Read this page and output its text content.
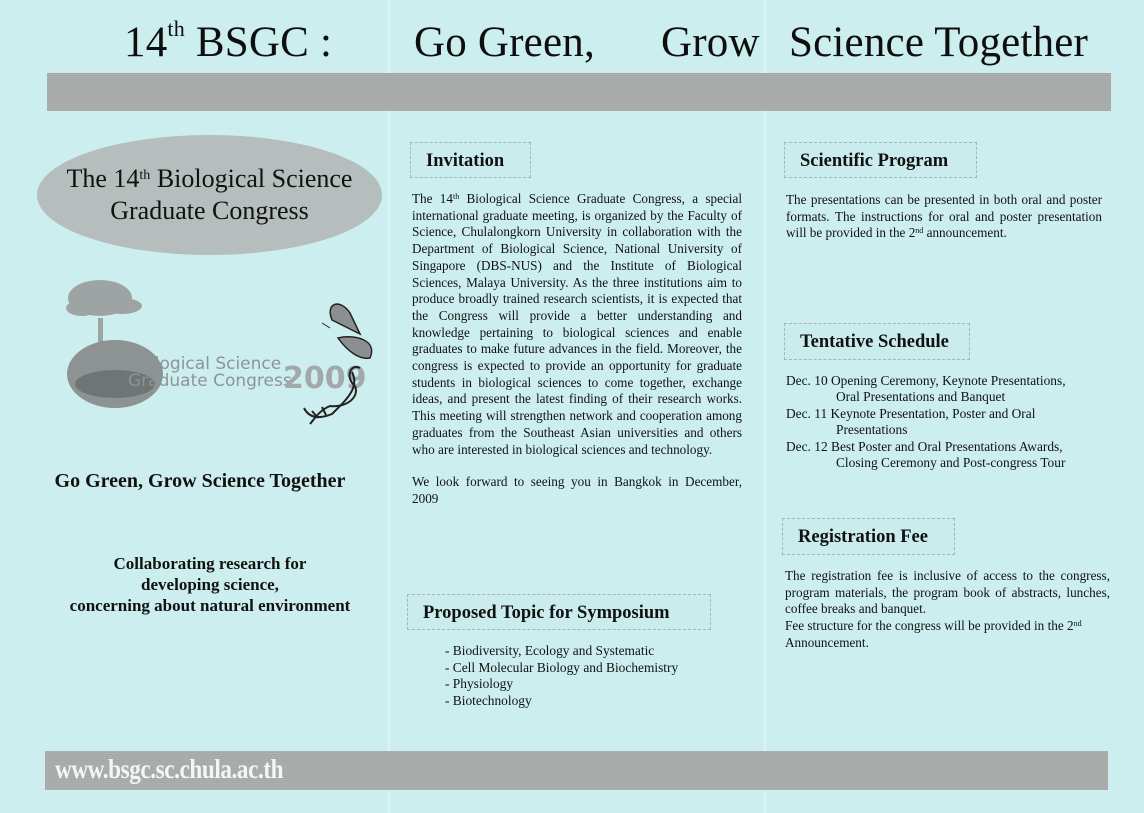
14th BSGC : Go Green, Grow Science Together
The 14th Biological Science
Graduate Congress
Biological Science
Graduate Congress
2009
Go Green, Grow Science Together
Collaborating research for
developing science,
concerning about natural environment
Invitation
The 14th Biological Science Graduate Congress, a special international graduate meeting, is organized by the Faculty of Science, Chulalongkorn University in collaboration with the Department of Biological Science, National University of Singapore (DBS-NUS) and the Institute of Biological Sciences, Malaya University. As the three institutions aim to produce broadly trained research scientists, it is expected that the Congress will provide a better understanding and knowledge pertaining to biological sciences and enable graduates to make future advances in the field. Moreover, the congress is expected to provide an opportunity for graduate students in biological sciences to come together, exchange ideas, and present the latest finding of their research works. This meeting will strengthen network and cooperation among graduates from the Southeast Asian universities and others who are interested in biological sciences and technology.
We look forward to seeing you in Bangkok in December, 2009
Proposed Topic for Symposium
- Biodiversity, Ecology and Systematic
- Cell Molecular Biology and Biochemistry
- Physiology
- Biotechnology
Scientific Program
The presentations can be presented in both oral and poster formats. The instructions for oral and poster presentation will be provided in the 2nd announcement.
Tentative Schedule
Dec. 10 Opening Ceremony, Keynote Presentations,
Oral Presentations and Banquet
Dec. 11 Keynote Presentation, Poster and Oral
Presentations
Dec. 12 Best Poster and Oral Presentations Awards,
Closing Ceremony and Post-congress Tour
Registration Fee
The registration fee is inclusive of access to the congress, program materials, the program book of abstracts, lunches, coffee breaks and banquet.
Fee structure for the congress will be provided in the 2nd Announcement.
www.bsgc.sc.chula.ac.th
